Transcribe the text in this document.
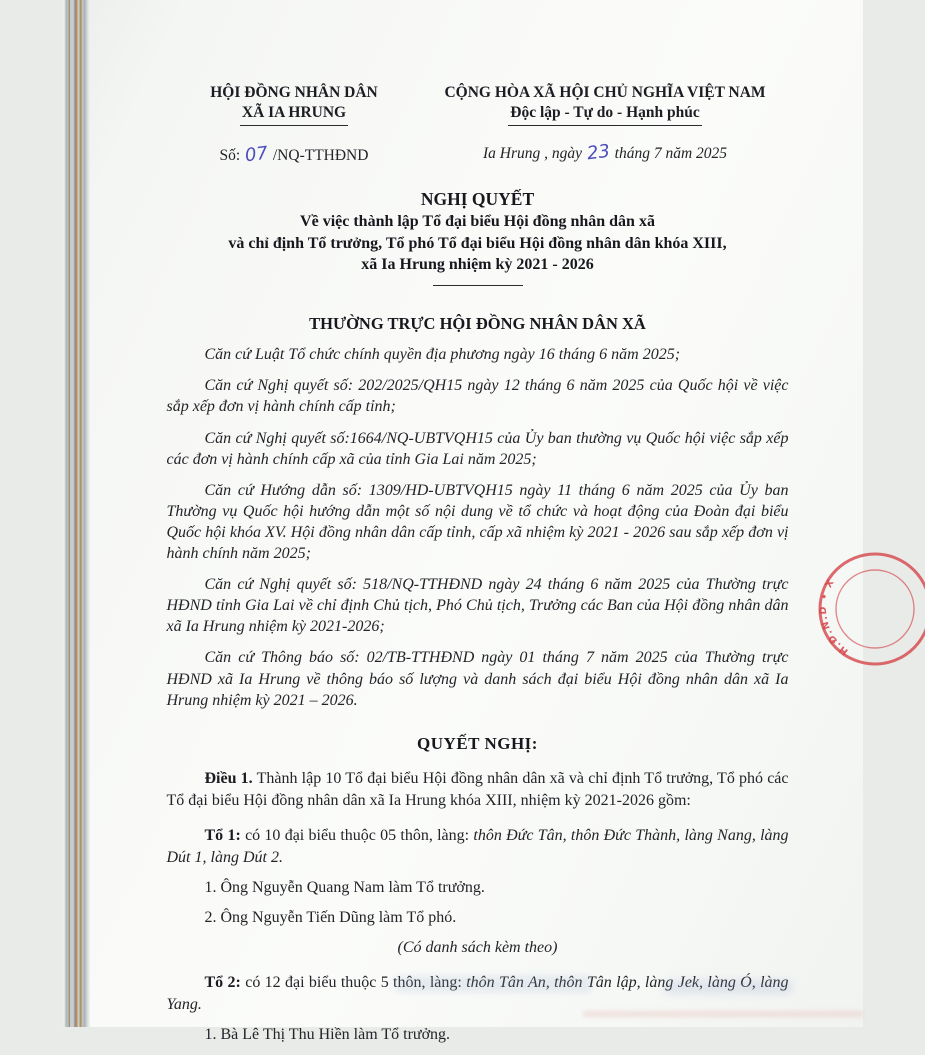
HỘI ĐỒNG NHÂN DÂN
XÃ IA HRUNG
Số: 07 /NQ-TTHĐND
CỘNG HÒA XÃ HỘI CHỦ NGHĨA VIỆT NAM
Độc lập - Tự do - Hạnh phúc
Ia Hrung , ngày 23 tháng 7 năm 2025
NGHỊ QUYẾT
Về việc thành lập Tổ đại biểu Hội đồng nhân dân xã
và chỉ định Tổ trưởng, Tổ phó Tổ đại biểu Hội đồng nhân dân khóa XIII,
xã Ia Hrung nhiệm kỳ 2021 - 2026
THƯỜNG TRỰC HỘI ĐỒNG NHÂN DÂN XÃ

Căn cứ Luật Tổ chức chính quyền địa phương ngày 16 tháng 6 năm 2025;

Căn cứ Nghị quyết số: 202/2025/QH15 ngày 12 tháng 6 năm 2025 của Quốc hội về việc sắp xếp đơn vị hành chính cấp tỉnh;

Căn cứ Nghị quyết số:1664/NQ-UBTVQH15 của Ủy ban thường vụ Quốc hội việc sắp xếp các đơn vị hành chính cấp xã của tỉnh Gia Lai năm 2025;

Căn cứ Hướng dẫn số: 1309/HD-UBTVQH15 ngày 11 tháng 6 năm 2025 của Ủy ban Thường vụ Quốc hội hướng dẫn một số nội dung về tổ chức và hoạt động của Đoàn đại biểu Quốc hội khóa XV. Hội đồng nhân dân cấp tỉnh, cấp xã nhiệm kỳ 2021 - 2026 sau sắp xếp đơn vị hành chính năm 2025;

Căn cứ Nghị quyết số: 518/NQ-TTHĐND ngày 24 tháng 6 năm 2025 của Thường trực HĐND tỉnh Gia Lai về chỉ định Chủ tịch, Phó Chủ tịch, Trưởng các Ban của Hội đồng nhân dân xã Ia Hrung nhiệm kỳ 2021-2026;

Căn cứ Thông báo số: 02/TB-TTHĐND ngày 01 tháng 7 năm 2025 của Thường trực HĐND xã Ia Hrung về thông báo số lượng và danh sách đại biểu Hội đồng nhân dân xã Ia Hrung nhiệm kỳ 2021 – 2026.

QUYẾT NGHỊ:

Điều 1. Thành lập 10 Tổ đại biểu Hội đồng nhân dân xã và chỉ định Tổ trưởng, Tổ phó các Tổ đại biểu Hội đồng nhân dân xã Ia Hrung khóa XIII, nhiệm kỳ 2021-2026 gồm:

Tổ 1: có 10 đại biểu thuộc 05 thôn, làng: thôn Đức Tân, thôn Đức Thành, làng Nang, làng Dút 1, làng Dút 2.

1. Ông Nguyễn Quang Nam làm Tổ trưởng.

2. Ông Nguyễn Tiến Dũng làm Tổ phó.

(Có danh sách kèm theo)

Tổ 2: có 12 đại biểu thuộc 5 thôn, làng: thôn Tân An, thôn Tân lập, làng Jek, làng Ó, làng Yang.

1. Bà Lê Thị Thu Hiền làm Tổ trưởng.

H.Đ.N.D • X
